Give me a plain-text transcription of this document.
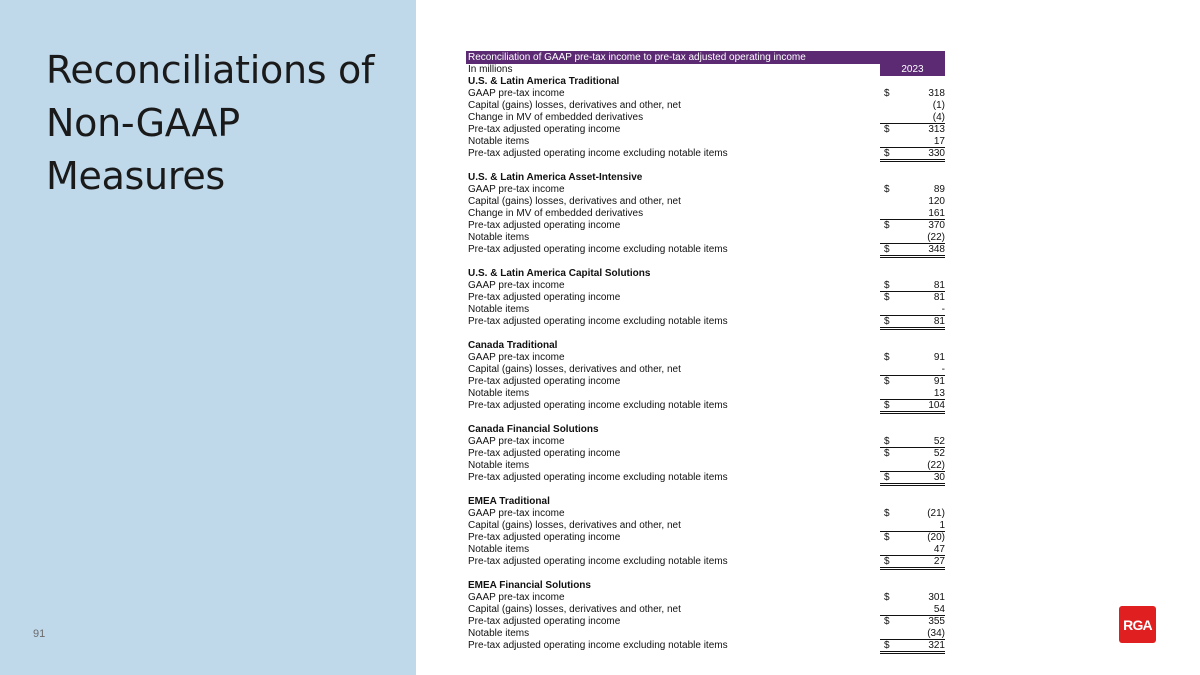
Reconciliations of Non-GAAP Measures
91
Reconciliation of GAAP pre-tax income to pre-tax adjusted operating income
In millions	2023
U.S. & Latin America Traditional
GAAP pre-tax income	$	318
Capital (gains) losses, derivatives and other, net	(1)
Change in MV of embedded derivatives	(4)
Pre-tax adjusted operating income	$	313
Notable items	17
Pre-tax adjusted operating income excluding notable items	$	330
U.S. & Latin America Asset-Intensive
GAAP pre-tax income	$	89
Capital (gains) losses, derivatives and other, net	120
Change in MV of embedded derivatives	161
Pre-tax adjusted operating income	$	370
Notable items	(22)
Pre-tax adjusted operating income excluding notable items	$	348
U.S. & Latin America Capital Solutions
GAAP pre-tax income	$	81
Pre-tax adjusted operating income	$	81
Notable items	-
Pre-tax adjusted operating income excluding notable items	$	81
Canada Traditional
GAAP pre-tax income	$	91
Capital (gains) losses, derivatives and other, net	-
Pre-tax adjusted operating income	$	91
Notable items	13
Pre-tax adjusted operating income excluding notable items	$	104
Canada Financial Solutions
GAAP pre-tax income	$	52
Pre-tax adjusted operating income	$	52
Notable items	(22)
Pre-tax adjusted operating income excluding notable items	$	30
EMEA Traditional
GAAP pre-tax income	$	(21)
Capital (gains) losses, derivatives and other, net	1
Pre-tax adjusted operating income	$	(20)
Notable items	47
Pre-tax adjusted operating income excluding notable items	$	27
EMEA Financial Solutions
GAAP pre-tax income	$	301
Capital (gains) losses, derivatives and other, net	54
Pre-tax adjusted operating income	$	355
Notable items	(34)
Pre-tax adjusted operating income excluding notable items	$	321
RGA
